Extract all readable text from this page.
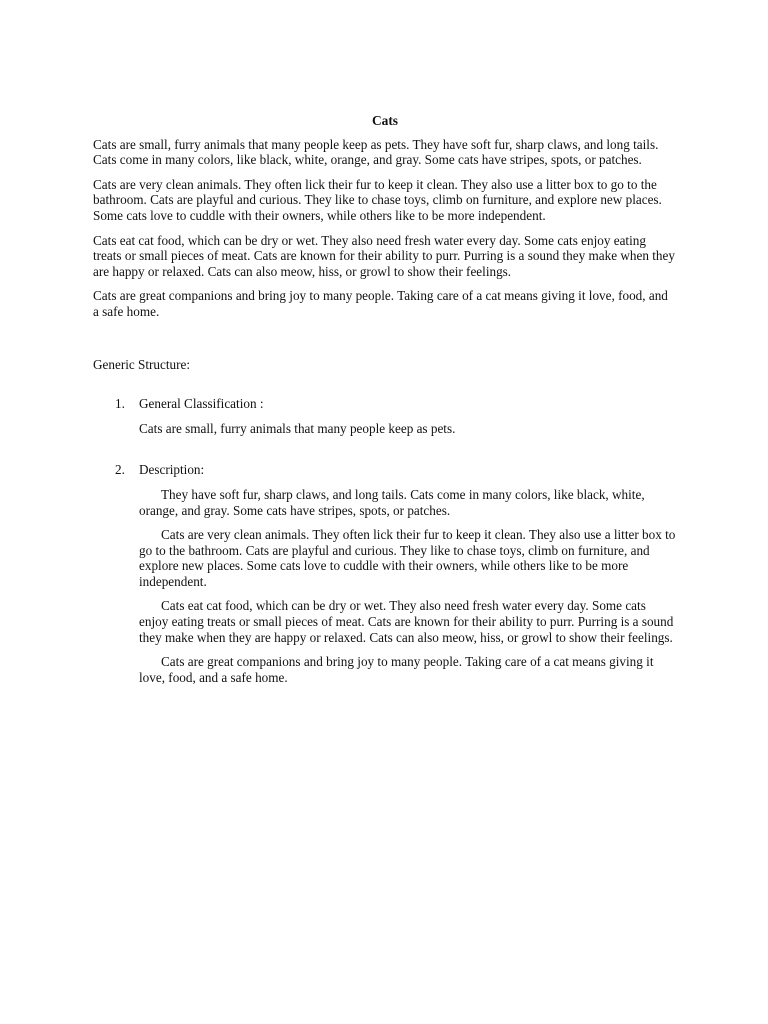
Cats

Cats are small, furry animals that many people keep as pets. They have soft fur, sharp claws, and long tails. Cats come in many colors, like black, white, orange, and gray. Some cats have stripes, spots, or patches.

Cats are very clean animals. They often lick their fur to keep it clean. They also use a litter box to go to the bathroom. Cats are playful and curious. They like to chase toys, climb on furniture, and explore new places. Some cats love to cuddle with their owners, while others like to be more independent.

Cats eat cat food, which can be dry or wet. They also need fresh water every day. Some cats enjoy eating treats or small pieces of meat. Cats are known for their ability to purr. Purring is a sound they make when they are happy or relaxed. Cats can also meow, hiss, or growl to show their feelings.

Cats are great companions and bring joy to many people. Taking care of a cat means giving it love, food, and a safe home.

Generic Structure:

1. General Classification :

Cats are small, furry animals that many people keep as pets.

2. Description:

They have soft fur, sharp claws, and long tails. Cats come in many colors, like black, white, orange, and gray. Some cats have stripes, spots, or patches.

Cats are very clean animals. They often lick their fur to keep it clean. They also use a litter box to go to the bathroom. Cats are playful and curious. They like to chase toys, climb on furniture, and explore new places. Some cats love to cuddle with their owners, while others like to be more independent.

Cats eat cat food, which can be dry or wet. They also need fresh water every day. Some cats enjoy eating treats or small pieces of meat. Cats are known for their ability to purr. Purring is a sound they make when they are happy or relaxed. Cats can also meow, hiss, or growl to show their feelings.

Cats are great companions and bring joy to many people. Taking care of a cat means giving it love, food, and a safe home.
